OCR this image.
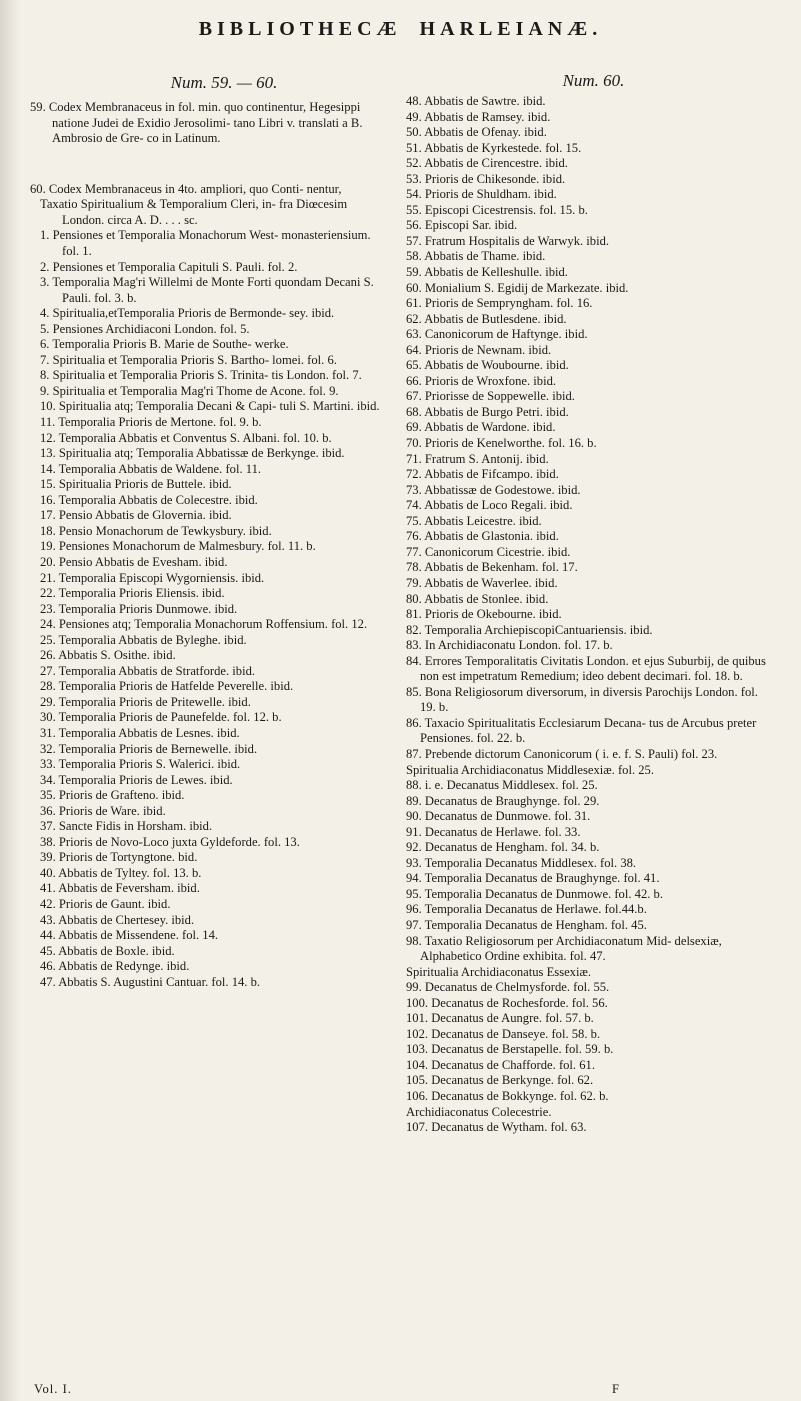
BIBLIOTHECÆ HARLEIANÆ.
Num. 59. — 60.

59. Codex Membranaceus in fol. min. quo continentur, Hegesippi natione Judei de Exidio Jerosolimi- tano Libri v. translati a B. Ambrosio de Gre- co in Latinum.

60. Codex Membranaceus in 4to. ampliori, quo Conti- nentur,

Taxatio Spiritualium & Temporalium Cleri, in- fra Diœcesim London. circa A. D. . . . sc.

1. Pensiones et Temporalia Monachorum West- monasteriensium. fol. 1.

2. Pensiones et Temporalia Capituli S. Pauli. fol. 2.

3. Temporalia Mag'ri Willelmi de Monte Forti quondam Decani S. Pauli. fol. 3. b.

4. Spiritualia,etTemporalia Prioris de Bermonde- sey. ibid.

5. Pensiones Archidiaconi London. fol. 5.

6. Temporalia Prioris B. Marie de Southe- werke.

7. Spiritualia et Temporalia Prioris S. Bartho- lomei. fol. 6.

8. Spiritualia et Temporalia Prioris S. Trinita- tis London. fol. 7.

9. Spiritualia et Temporalia Mag'ri Thome de Acone. fol. 9.

10. Spiritualia atq; Temporalia Decani & Capi- tuli S. Martini. ibid.

11. Temporalia Prioris de Mertone. fol. 9. b.

12. Temporalia Abbatis et Conventus S. Albani. fol. 10. b.

13. Spiritualia atq; Temporalia Abbatissæ de Berkynge. ibid.

14. Temporalia Abbatis de Waldene. fol. 11.

15. Spiritualia Prioris de Buttele. ibid.

16. Temporalia Abbatis de Colecestre. ibid.

17. Pensio Abbatis de Glovernia. ibid.

18. Pensio Monachorum de Tewkysbury. ibid.

19. Pensiones Monachorum de Malmesbury. fol. 11. b.

20. Pensio Abbatis de Evesham. ibid.

21. Temporalia Episcopi Wygorniensis. ibid.

22. Temporalia Prioris Eliensis. ibid.

23. Temporalia Prioris Dunmowe. ibid.

24. Pensiones atq; Temporalia Monachorum Roffensium. fol. 12.

25. Temporalia Abbatis de Byleghe. ibid.

26. Abbatis S. Osithe. ibid.

27. Temporalia Abbatis de Stratforde. ibid.

28. Temporalia Prioris de Hatfelde Peverelle. ibid.

29. Temporalia Prioris de Pritewelle. ibid.

30. Temporalia Prioris de Paunefelde. fol. 12. b.

31. Temporalia Abbatis de Lesnes. ibid.

32. Temporalia Prioris de Bernewelle. ibid.

33. Temporalia Prioris S. Walerici. ibid.

34. Temporalia Prioris de Lewes. ibid.

35. Prioris de Grafteno. ibid.

36. Prioris de Ware. ibid.

37. Sancte Fidis in Horsham. ibid.

38. Prioris de Novo-Loco juxta Gyldeforde. fol. 13.

39. Prioris de Tortyngtone. bid.

40. Abbatis de Tyltey. fol. 13. b.

41. Abbatis de Feversham. ibid.

42. Prioris de Gaunt. ibid.

43. Abbatis de Chertesey. ibid.

44. Abbatis de Missendene. fol. 14.

45. Abbatis de Boxle. ibid.

46. Abbatis de Redynge. ibid.

47. Abbatis S. Augustini Cantuar. fol. 14. b.

Num. 60.

48. Abbatis de Sawtre. ibid.

49. Abbatis de Ramsey. ibid.

50. Abbatis de Ofenay. ibid.

51. Abbatis de Kyrkestede. fol. 15.

52. Abbatis de Cirencestre. ibid.

53. Prioris de Chikesonde. ibid.

54. Prioris de Shuldham. ibid.

55. Episcopi Cicestrensis. fol. 15. b.

56. Episcopi Sar. ibid.

57. Fratrum Hospitalis de Warwyk. ibid.

58. Abbatis de Thame. ibid.

59. Abbatis de Kelleshulle. ibid.

60. Monialium S. Egidij de Markezate. ibid.

61. Prioris de Sempryngham. fol. 16.

62. Abbatis de Butlesdene. ibid.

63. Canonicorum de Haftynge. ibid.

64. Prioris de Newnam. ibid.

65. Abbatis de Woubourne. ibid.

66. Prioris de Wroxfone. ibid.

67. Priorisse de Soppewelle. ibid.

68. Abbatis de Burgo Petri. ibid.

69. Abbatis de Wardone. ibid.

70. Prioris de Kenelworthe. fol. 16. b.

71. Fratrum S. Antonij. ibid.

72. Abbatis de Fifcampo. ibid.

73. Abbatissæ de Godestowe. ibid.

74. Abbatis de Loco Regali. ibid.

75. Abbatis Leicestre. ibid.

76. Abbatis de Glastonia. ibid.

77. Canonicorum Cicestrie. ibid.

78. Abbatis de Bekenham. fol. 17.

79. Abbatis de Waverlee. ibid.

80. Abbatis de Stonlee. ibid.

81. Prioris de Okebourne. ibid.

82. Temporalia ArchiepiscopiCantuariensis. ibid.

83. In Archidiaconatu London. fol. 17. b.

84. Errores Temporalitatis Civitatis London. et ejus Suburbij, de quibus non est impetratum Remedium; ideo debent decimari. fol. 18. b.

85. Bona Religiosorum diversorum, in diversis Parochijs London. fol. 19. b.

86. Taxacio Spiritualitatis Ecclesiarum Decana- tus de Arcubus preter Pensiones. fol. 22. b.

87. Prebende dictorum Canonicorum ( i. e. f. S. Pauli) fol. 23.

Spiritualia Archidiaconatus Middlesexiæ. fol. 25.

88. i. e. Decanatus Middlesex. fol. 25.

89. Decanatus de Braughynge. fol. 29.

90. Decanatus de Dunmowe. fol. 31.

91. Decanatus de Herlawe. fol. 33.

92. Decanatus de Hengham. fol. 34. b.

93. Temporalia Decanatus Middlesex. fol. 38.

94. Temporalia Decanatus de Braughynge. fol. 41.

95. Temporalia Decanatus de Dunmowe. fol. 42. b.

96. Temporalia Decanatus de Herlawe. fol.44.b.

97. Temporalia Decanatus de Hengham. fol. 45.

98. Taxatio Religiosorum per Archidiaconatum Mid- delsexiæ, Alphabetico Ordine exhibita. fol. 47.

Spiritualia Archidiaconatus Essexiæ.

99. Decanatus de Chelmysforde. fol. 55.

100. Decanatus de Rochesforde. fol. 56.

101. Decanatus de Aungre. fol. 57. b.

102. Decanatus de Danseye. fol. 58. b.

103. Decanatus de Berstapelle. fol. 59. b.

104. Decanatus de Chafforde. fol. 61.

105. Decanatus de Berkynge. fol. 62.

106. Decanatus de Bokkynge. fol. 62. b.

Archidiaconatus Colecestrie.

107. Decanatus de Wytham. fol. 63.

Vol. I.	F
